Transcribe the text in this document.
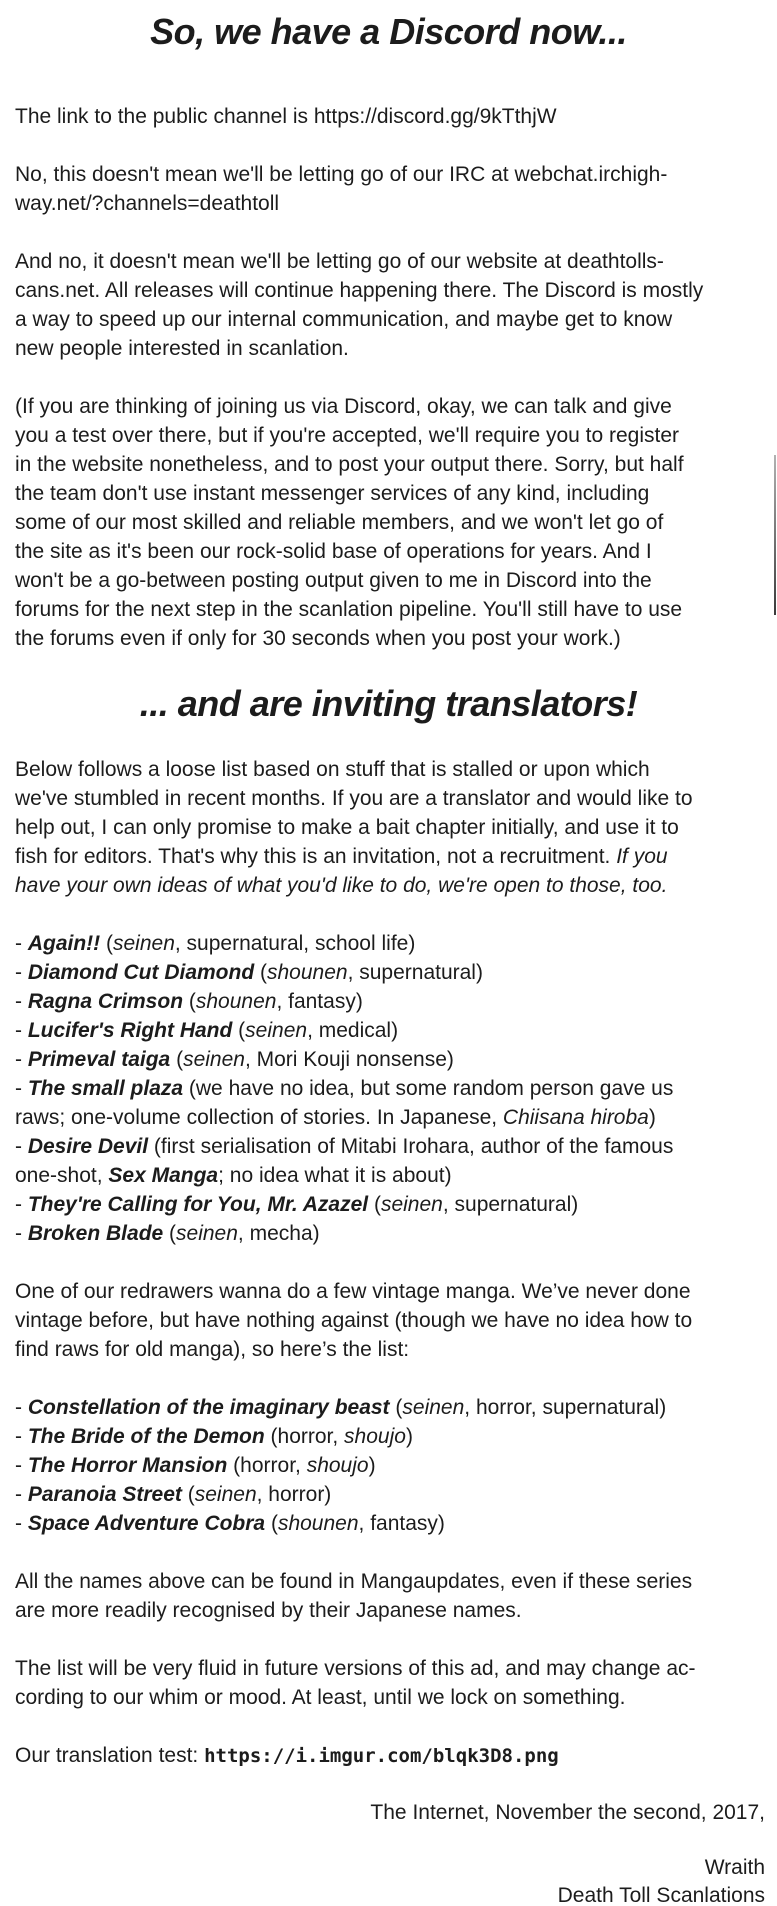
So, we have a Discord now...

The link to the public channel is https://discord.gg/9kTthjW

No, this doesn't mean we'll be letting go of our IRC at webchat.irchigh-
way.net/?channels=deathtoll

And no, it doesn't mean we'll be letting go of our website at deathtolls-
cans.net. All releases will continue happening there. The Discord is mostly
a way to speed up our internal communication, and maybe get to know
new people interested in scanlation.

(If you are thinking of joining us via Discord, okay, we can talk and give
you a test over there, but if you're accepted, we'll require you to register
in the website nonetheless, and to post your output there. Sorry, but half
the team don't use instant messenger services of any kind, including
some of our most skilled and reliable members, and we won't let go of
the site as it's been our rock-solid base of operations for years. And I
won't be a go-between posting output given to me in Discord into the
forums for the next step in the scanlation pipeline. You'll still have to use
the forums even if only for 30 seconds when you post your work.)

... and are inviting translators!

Below follows a loose list based on stuff that is stalled or upon which
we've stumbled in recent months. If you are a translator and would like to
help out, I can only promise to make a bait chapter initially, and use it to
fish for editors. That's why this is an invitation, not a recruitment. If you
have your own ideas of what you'd like to do, we're open to those, too.

- Again!! (seinen, supernatural, school life)
- Diamond Cut Diamond (shounen, supernatural)
- Ragna Crimson (shounen, fantasy)
- Lucifer's Right Hand (seinen, medical)
- Primeval taiga (seinen, Mori Kouji nonsense)
- The small plaza (we have no idea, but some random person gave us
raws; one-volume collection of stories. In Japanese, Chiisana hiroba)
- Desire Devil (first serialisation of Mitabi Irohara, author of the famous
one-shot, Sex Manga; no idea what it is about)
- They're Calling for You, Mr. Azazel (seinen, supernatural)
- Broken Blade (seinen, mecha)

One of our redrawers wanna do a few vintage manga. We’ve never done
vintage before, but have nothing against (though we have no idea how to
find raws for old manga), so here’s the list:

- Constellation of the imaginary beast (seinen, horror, supernatural)
- The Bride of the Demon (horror, shoujo)
- The Horror Mansion (horror, shoujo)
- Paranoia Street (seinen, horror)
- Space Adventure Cobra (shounen, fantasy)

All the names above can be found in Mangaupdates, even if these series
are more readily recognised by their Japanese names.

The list will be very fluid in future versions of this ad, and may change ac-
cording to our whim or mood. At least, until we lock on something.

Our translation test: https://i.imgur.com/blqk3D8.png

The Internet, November the second, 2017,

Wraith

Death Toll Scanlations
